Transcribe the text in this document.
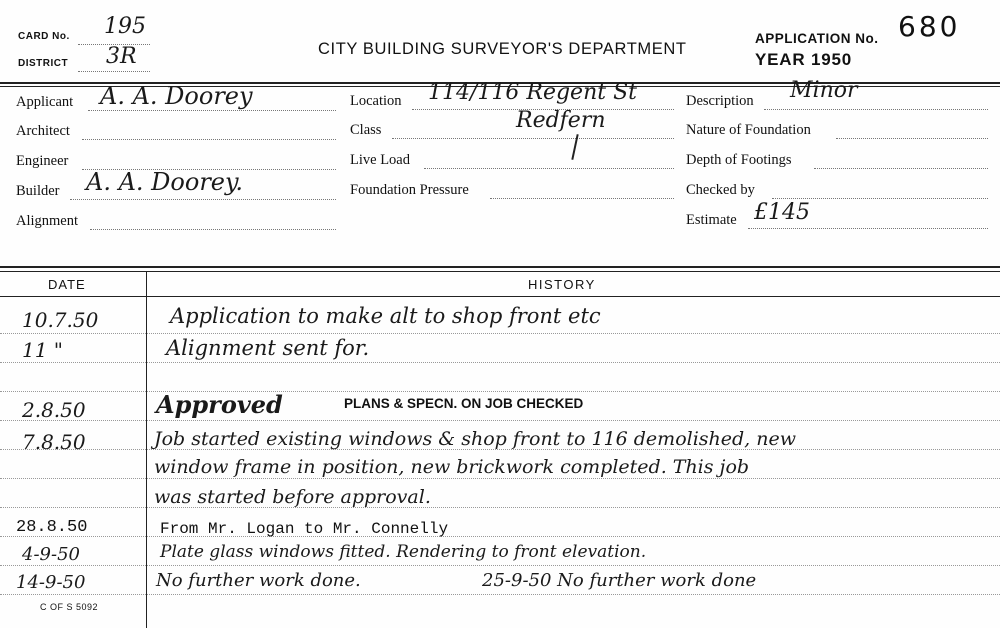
CARD No. 195
DISTRICT 3R	CITY BUILDING SURVEYOR'S DEPARTMENT
APPLICATION No. 680
YEAR 1950
Applicant A. A. Doorey
Architect
Engineer
Builder A. A. Doorey.
Alignment
Location 114/116 Regent St
Redfern
Class
Live Load
Foundation Pressure
Description Minor
Nature of Foundation
Depth of Footings
Checked by
Estimate £145
DATE	HISTORY
10.7.50	Application to make alt to shop front etc
11 "	Alignment sent for.
2.8.50	Approved	PLANS & SPECN. ON JOB CHECKED
7.8.50	Job started existing windows & shop front to 116 demolished, new
window frame in position, new brickwork completed. This job
was started before approval.
28.8.50	From Mr. Logan to Mr. Connelly
4-9-50	Plate glass windows fitted. Rendering to front elevation.
14-9-50	No further work done.	25-9-50 No further work done
C OF S 5092
